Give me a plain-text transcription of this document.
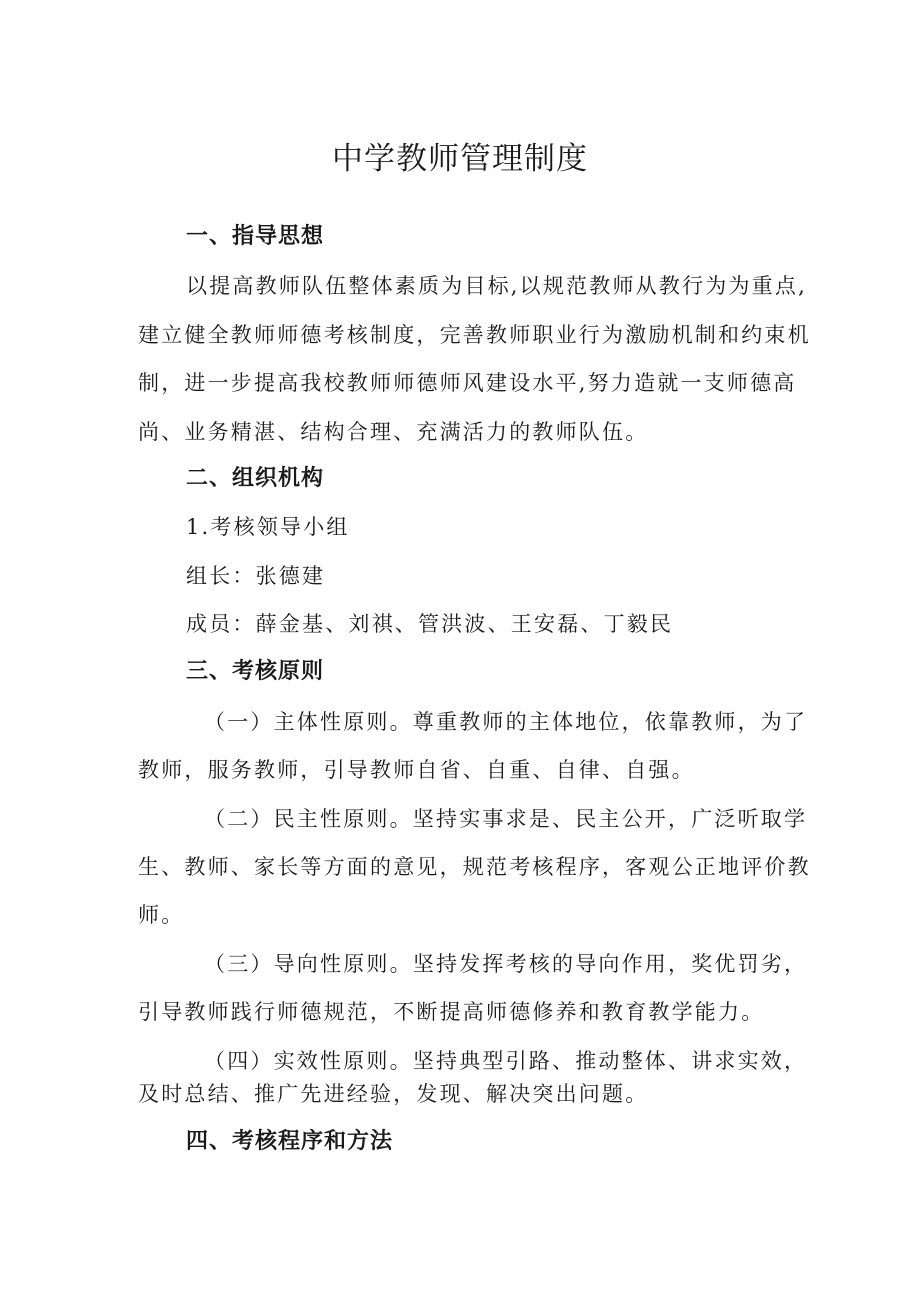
中学教师管理制度
一、指导思想

以提高教师队伍整体素质为目标,以规范教师从教行为为重点,

建立健全教师师德考核制度，完善教师职业行为激励机制和约束机

制，进一步提高我校教师师德师风建设水平,努力造就一支师德高

尚、业务精湛、结构合理、充满活力的教师队伍。

二、组织机构

1.考核领导小组

组长：张德建

成员：薛金基、刘祺、管洪波、王安磊、丁毅民

三、考核原则

（一）主体性原则。尊重教师的主体地位，依靠教师，为了

教师，服务教师，引导教师自省、自重、自律、自强。

（二）民主性原则。坚持实事求是、民主公开，广泛听取学

生、教师、家长等方面的意见，规范考核程序，客观公正地评价教

师。

（三）导向性原则。坚持发挥考核的导向作用，奖优罚劣，

引导教师践行师德规范，不断提高师德修养和教育教学能力。

（四）实效性原则。坚持典型引路、推动整体、讲求实效，

及时总结、推广先进经验，发现、解决突出问题。

四、考核程序和方法
